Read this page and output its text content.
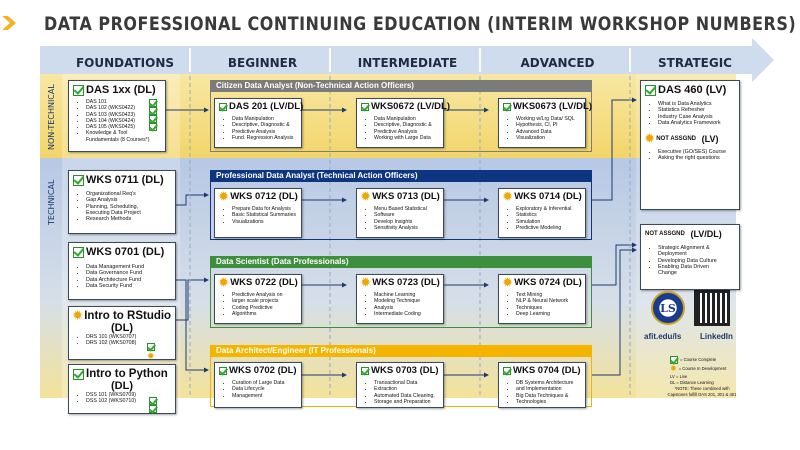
DATA PROFESSIONAL CONTINUING EDUCATION (INTERIM WORKSHOP NUMBERS)
FOUNDATIONS	BEGINNER	INTERMEDIATE	ADVANCED	STRATEGIC
NON-TECHNICAL
TECHNICAL
DAS 1xx (DL)
• DAS 101
• DAS 102 (WKS0422)
• DAS 103 (WKS0423)
• DAS 104 (WKS0424)
• DAS 105 (WKS0425)
• Knowledge & Tool
Fundamentals (8 Courses*)
WKS 0711 (DL)
• Organizational Req's
• Gap Analysis
• Planning, Scheduling,
Executing Data Project
• Research Methods
WKS 0701 (DL)
• Data Management Fund
• Data Governance Fund
• Data Architecture Fund
• Data Security Fund
✹ Intro to RStudio
(DL)
• DRS 101 (WKS0707)
• DRS 102 (WKS0708)
✹
Intro to Python
(DL)
• DSS 101 (WKS0709)
• DSS 102 (WKS0710)
Citizen Data Analyst (Non-Technical Action Officers)
Professional Data Analyst (Technical Action Officers)
Data Scientist (Data Professionals)
Data Architect/Engineer (IT Professionals)
DAS 201 (LV/DL)
• Data Manipulation
• Descriptive, Diagnostic &
• Predictive Analysis
• Fund. Regression Analysis
WKS0672 (LV/DL)
• Data Manipulation
• Descriptive, Diagnostic &
• Predictive Analysis
• Working with Large Data
WKS0673 (LV/DL)
• Working w/Lrg Data/ SQL
• Hypothesis, CI, PI
• Advanced Data
• Visualization
✹ WKS 0712 (DL)
• Prepare Data for Analysis
• Basic Statistical Summaries
• Visualizations
✹ WKS 0713 (DL)
• Menu Based Statistical
• Software
• Develop Insights
• Sensitivity Analysis
✹ WKS 0714 (DL)
• Exploratory & Inferential
• Statistics
• Simulation
• Predictive Modeling
✹ WKS 0722 (DL)
• Predictive Analysis on
• larger scale projects
• Coding Predictive
• Algorithms
✹ WKS 0723 (DL)
• Machine Learning
• Modeling Technique
• Analysis
• Intermediate Coding
✹ WKS 0724 (DL)
• Text Mining
• NLP & Neural Network
• Techniques
• Deep Learning
WKS 0702 (DL)
• Curation of Large Data
• Data Lifecycle
• Management
WKS 0703 (DL)
• Transactional Data
• Extraction
• Automated Data Cleaning,
• Storage and Preparation
WKS 0704 (DL)
• DB Systems Architecture
• and Implementation
• Big Data Techniques &
• Technologies
DAS 460 (LV)
• What is Data Analytics
• Statistics Refresher
• Industry Case Analysis
• Data Analytics Framework
✹ NOT ASSGND
(LV)
• Executive (GO/SES) Course
• Asking the right questions
NOT ASSGND
(LV/DL)
• Strategic Alignment &
Deployment
• Developing Data Culture
• Enabling Data Driven
Change
LS
afit.edu/ls LinkedIn
= Course Complete
✹ = Course In Development
LV = Live
DL = Distance Learning
*NOTE: These combined with Capstones fulfill DAS 201, 301 & 401
